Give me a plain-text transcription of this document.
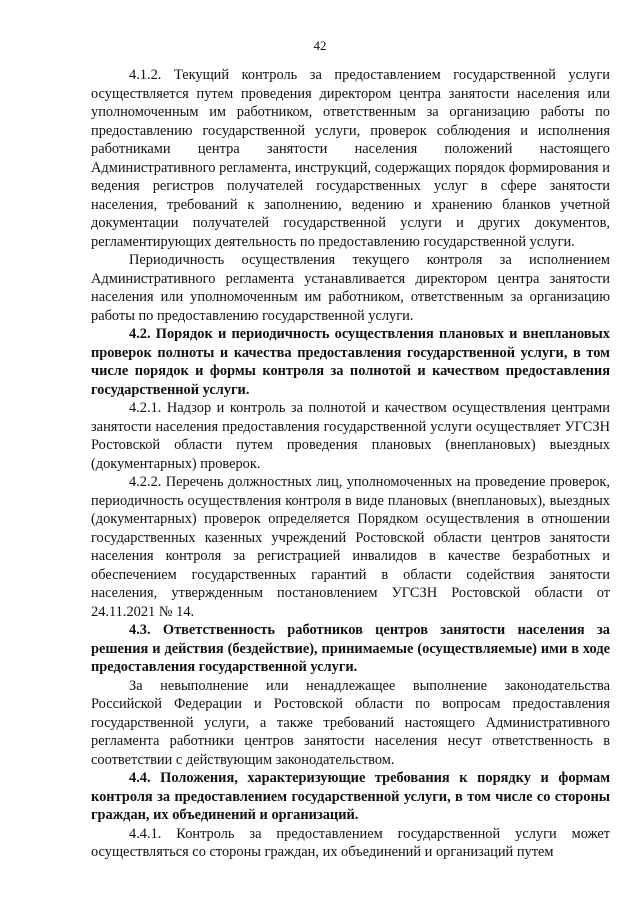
42

4.1.2. Текущий контроль за предоставлением государственной услуги осуществляется путем проведения директором центра занятости населения или уполномоченным им работником, ответственным за организацию работы по предоставлению государственной услуги, проверок соблюдения и исполнения работниками центра занятости населения положений настоящего Административного регламента, инструкций, содержащих порядок формирования и ведения регистров получателей государственных услуг в сфере занятости населения, требований к заполнению, ведению и хранению бланков учетной документации получателей государственной услуги и других документов, регламентирующих деятельность по предоставлению государственной услуги.

Периодичность осуществления текущего контроля за исполнением Административного регламента устанавливается директором центра занятости населения или уполномоченным им работником, ответственным за организацию работы по предоставлению государственной услуги.

4.2. Порядок и периодичность осуществления плановых и внеплановых проверок полноты и качества предоставления государственной услуги, в том числе порядок и формы контроля за полнотой и качеством предоставления государственной услуги.

4.2.1. Надзор и контроль за полнотой и качеством осуществления центрами занятости населения предоставления государственной услуги осуществляет УГСЗН Ростовской области путем проведения плановых (внеплановых) выездных (документарных) проверок.

4.2.2. Перечень должностных лиц, уполномоченных на проведение проверок, периодичность осуществления контроля в виде плановых (внеплановых), выездных (документарных) проверок определяется Порядком осуществления в отношении государственных казенных учреждений Ростовской области центров занятости населения контроля за регистрацией инвалидов в качестве безработных и обеспечением государственных гарантий в области содействия занятости населения, утвержденным постановлением УГСЗН Ростовской области от 24.11.2021 № 14.

4.3. Ответственность работников центров занятости населения за решения и действия (бездействие), принимаемые (осуществляемые) ими в ходе предоставления государственной услуги.

За невыполнение или ненадлежащее выполнение законодательства Российской Федерации и Ростовской области по вопросам предоставления государственной услуги, а также требований настоящего Административного регламента работники центров занятости населения несут ответственность в соответствии с действующим законодательством.

4.4. Положения, характеризующие требования к порядку и формам контроля за предоставлением государственной услуги, в том числе со стороны граждан, их объединений и организаций.

4.4.1. Контроль за предоставлением государственной услуги может осуществляться со стороны граждан, их объединений и организаций путем
